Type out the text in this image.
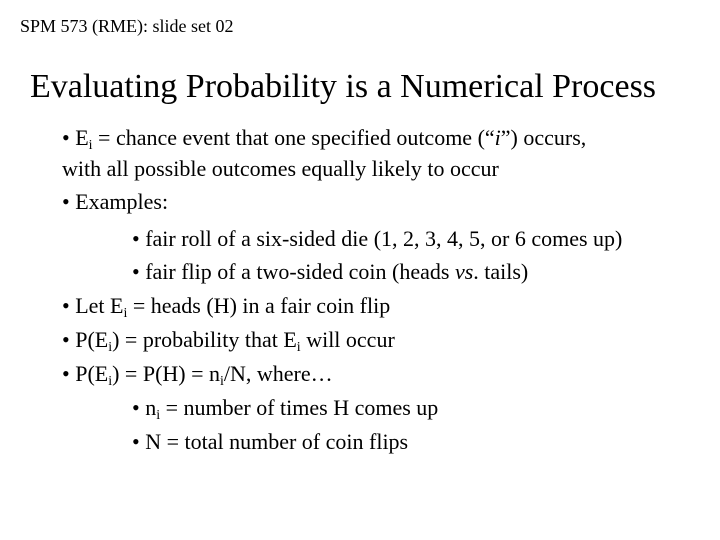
SPM 573 (RME): slide set 02
Evaluating Probability is a Numerical Process
• $E_i$ = chance event that one specified outcome (“i”) occurs,
with all possible outcomes equally likely to occur
• Examples:
• fair roll of a six-sided die (1, 2, 3, 4, 5, or 6 comes up)
• fair flip of a two-sided coin (heads vs. tails)
• Let $E_i$ = heads (H) in a fair coin flip
• $P(E_i)$ = probability that $E_i$ will occur
• $P(E_i) = P(H) = n_i/N$, where…
• $n_i$ = number of times H comes up
• N = total number of coin flips
